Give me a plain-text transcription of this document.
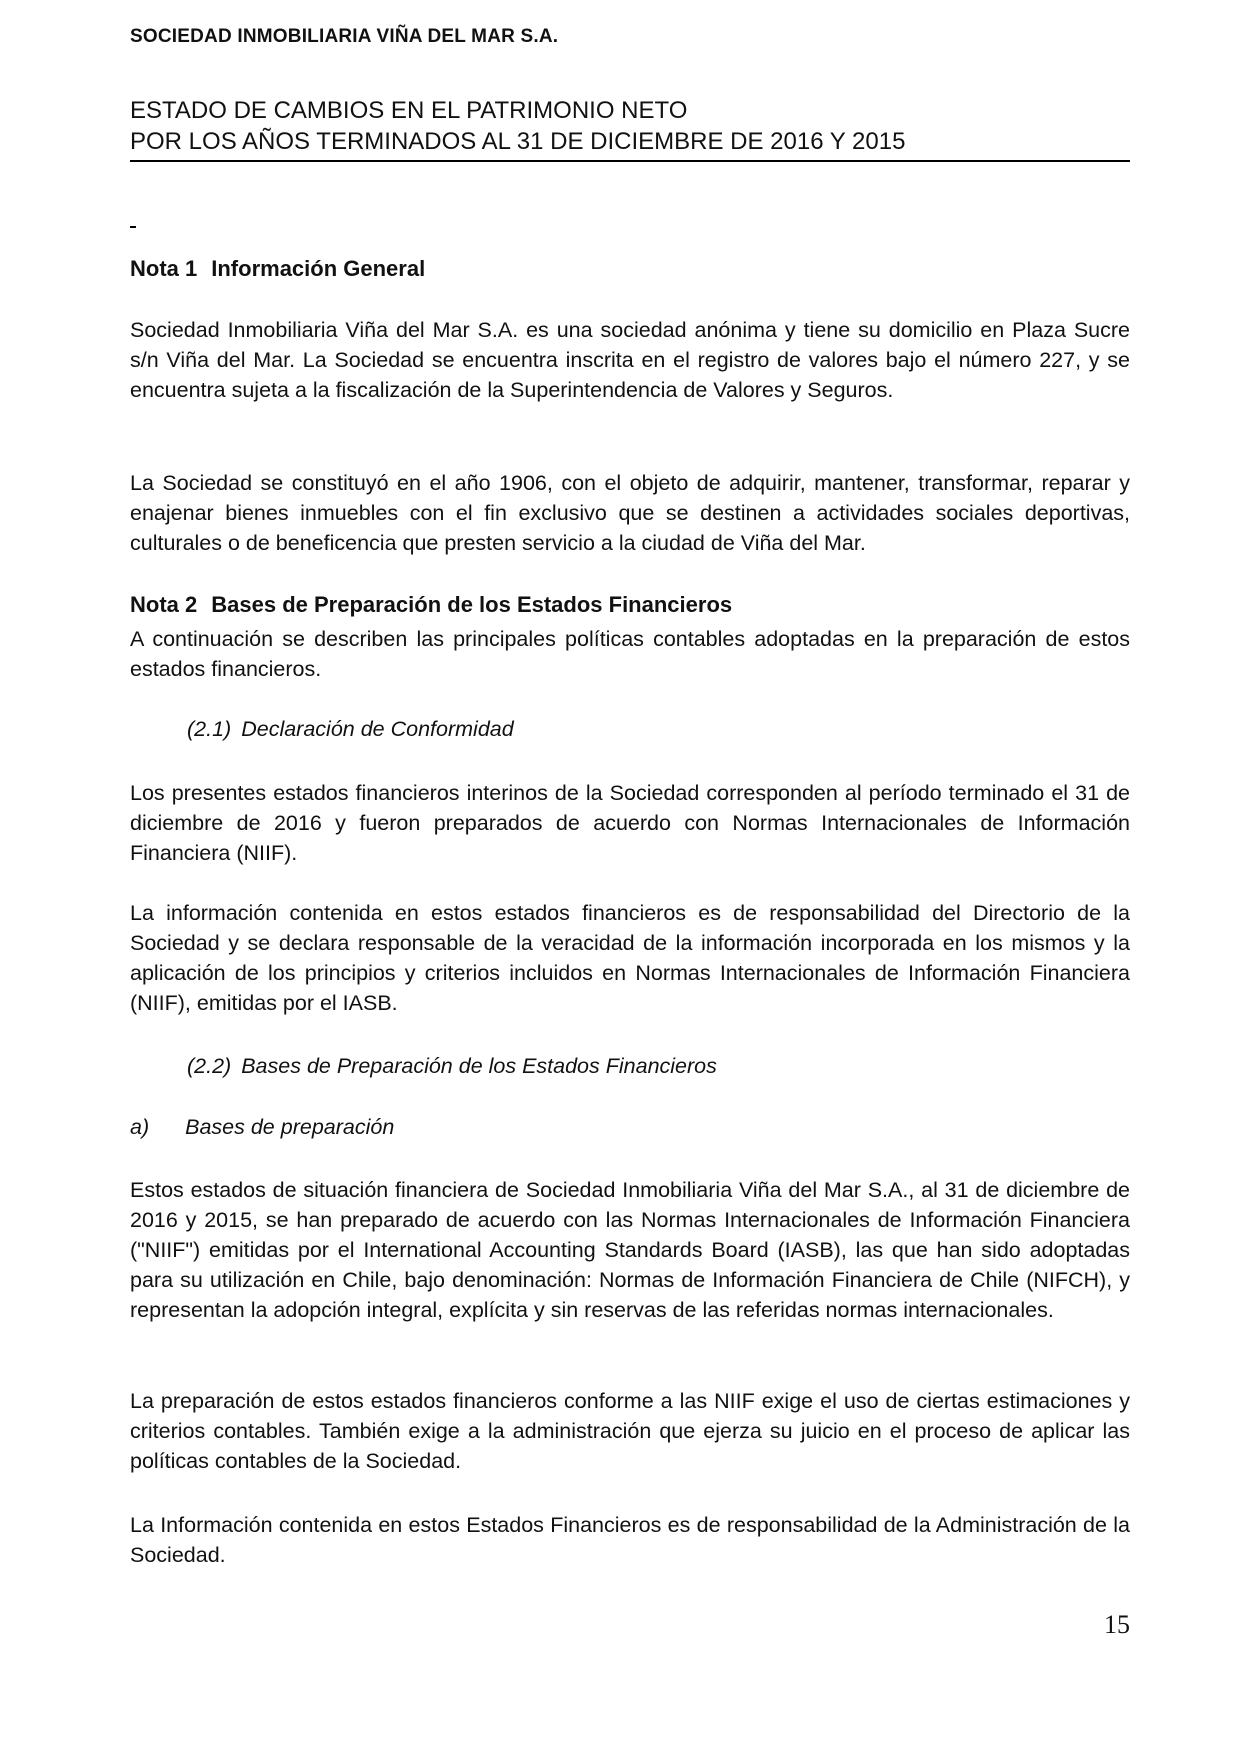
SOCIEDAD INMOBILIARIA VIÑA DEL MAR S.A.
ESTADO DE CAMBIOS EN EL PATRIMONIO NETO
POR LOS AÑOS TERMINADOS AL 31 DE DICIEMBRE DE 2016 Y 2015
Nota 1 Información General
Sociedad Inmobiliaria Viña del Mar S.A. es una sociedad anónima y tiene su domicilio en Plaza Sucre s/n Viña del Mar. La Sociedad se encuentra inscrita en el registro de valores bajo el número 227, y se encuentra sujeta a la fiscalización de la Superintendencia de Valores y Seguros.
La Sociedad se constituyó en el año 1906, con el objeto de adquirir, mantener, transformar, reparar y enajenar bienes inmuebles con el fin exclusivo que se destinen a actividades sociales deportivas, culturales o de beneficencia que presten servicio a la ciudad de Viña del Mar.
Nota 2 Bases de Preparación de los Estados Financieros
A continuación se describen las principales políticas contables adoptadas en la preparación de estos estados financieros.
(2.1) Declaración de Conformidad
Los presentes estados financieros interinos de la Sociedad corresponden al período terminado el 31 de diciembre de 2016 y fueron preparados de acuerdo con Normas Internacionales de Información Financiera (NIIF).
La información contenida en estos estados financieros es de responsabilidad del Directorio de la Sociedad y se declara responsable de la veracidad de la información incorporada en los mismos y la aplicación de los principios y criterios incluidos en Normas Internacionales de Información Financiera (NIIF), emitidas por el IASB.
(2.2) Bases de Preparación de los Estados Financieros
a) Bases de preparación
Estos estados de situación financiera de Sociedad Inmobiliaria Viña del Mar S.A., al 31 de diciembre de 2016 y 2015, se han preparado de acuerdo con las Normas Internacionales de Información Financiera ("NIIF") emitidas por el International Accounting Standards Board (IASB), las que han sido adoptadas para su utilización en Chile, bajo denominación: Normas de Información Financiera de Chile (NIFCH), y representan la adopción integral, explícita y sin reservas de las referidas normas internacionales.
La preparación de estos estados financieros conforme a las NIIF exige el uso de ciertas estimaciones y criterios contables. También exige a la administración que ejerza su juicio en el proceso de aplicar las políticas contables de la Sociedad.
La Información contenida en estos Estados Financieros es de responsabilidad de la Administración de la Sociedad.
15
